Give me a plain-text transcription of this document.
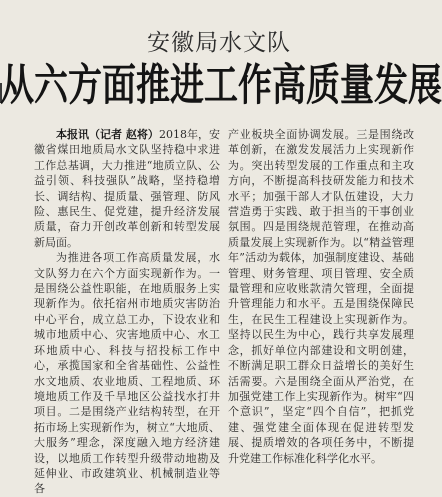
安徽局水文队
从六方面推进工作高质量发展

本报讯（记者 赵将）2018年，安徽省煤田地质局水文队坚持稳中求进工作总基调，大力推进“地质立队、公益引领、科技强队”战略，坚持稳增长、调结构、提质量、强管理、防风险、惠民生、促党建，提升经济发展质量，奋力开创改革创新和转型发展新局面。

为推进各项工作高质量发展，水文队努力在六个方面实现新作为。一是围绕公益性职能，在地质服务上实现新作为。依托宿州市地质灾害防治中心平台，成立总工办，下设农业和城市地质中心、灾害地质中心、水工环地质中心、科技与招投标工作中心，承揽国家和全省基础性、公益性水文地质、农业地质、工程地质、环境地质工作及千旱地区公益找水打井项目。二是围绕产业结构转型，在开拓市场上实现新作为，树立“大地质、大服务”理念，深度融入地方经济建设，以地质工作转型升级带动地勘及延伸业、市政建筑业、机械制造业等各

产业板块全面协调发展。三是围绕改革创新，在激发发展活力上实现新作为。突出转型发展的工作重点和主攻方向，不断提高科技研发能力和技术水平；加强干部人才队伍建设，大力营造勇于实践、敢于担当的干事创业氛围。四是围绕规范管理，在推动高质量发展上实现新作为。以“精益管理年”活动为载体，加强制度建设、基础管理、财务管理、项目管理、安全质量管理和应收账款清欠管理，全面提升管理能力和水平。五是围绕保障民生，在民生工程建设上实现新作为。坚持以民生为中心，践行共享发展理念，抓好单位内部建设和文明创建，不断满足职工群众日益增长的美好生活需要。六是围绕全面从严治党，在加强党建工作上实现新作为。树牢“四个意识”，坚定“四个自信”，把抓党建、强党建全面体现在促进转型发展、提质增效的各项任务中，不断提升党建工作标准化科学化水平。
